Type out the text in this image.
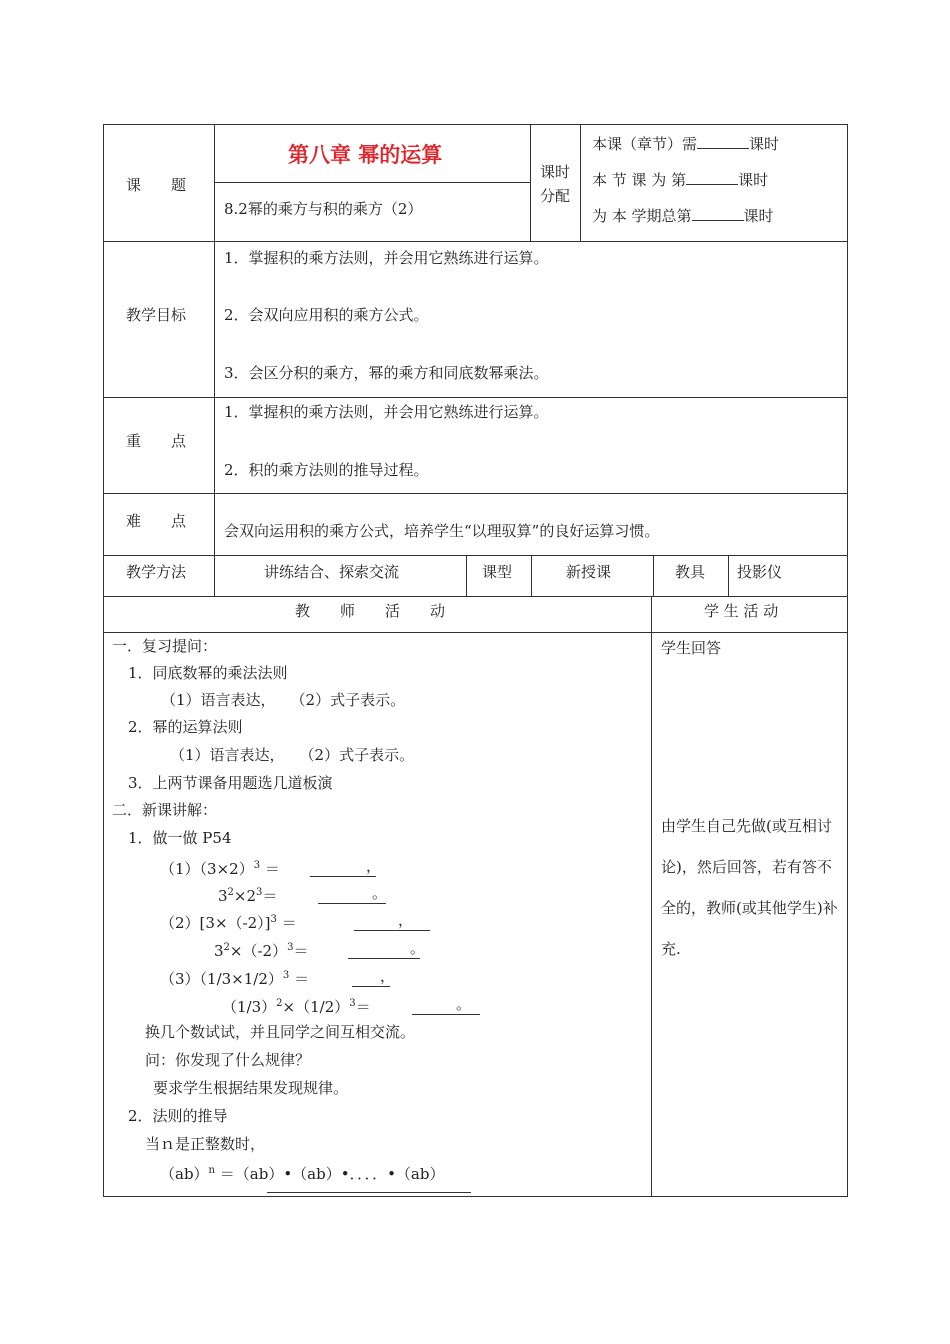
课　　题
第八章 幂的运算
8.2幂的乘方与积的乘方（2）
课时
分配
本课（章节）需	课时
本 节 课 为 第	课时
为 本 学期总第	课时
教学目标
1．掌握积的乘方法则，并会用它熟练进行运算。
2．会双向应用积的乘方公式。
3．会区分积的乘方，幂的乘方和同底数幂乘法。
重　　点
1．掌握积的乘方法则，并会用它熟练进行运算。
2．积的乘方法则的推导过程。
难　　点
会双向运用积的乘方公式，培养学生“以理驭算”的良好运算习惯。
教学方法	讲练结合、探索交流	课型	新授课	教具 投影仪
教　　师　　活　　动	学 生 活 动
一．复习提问：
1．同底数幂的乘法法则
（1）语言表达，　　（2）式子表示。
2．幂的运算法则
（1）语言表达，　　（2）式子表示。
3．上两节课备用题选几道板演
二．新课讲解：
1．做一做 P54
$(1)(3\times 2)^3$ ＝	，
$3^2\times 2^3=$	。
$(2)[3\times(-2)]^3$ ＝	，
$3^2\times(-2)^3=$	。
$(3)(1/3\times 1/2)^3$ ＝	，
$(1/3)^2\times(1/2)^3=$	。
换几个数试试，并且同学之间互相交流。
问：你发现了什么规律？
要求学生根据结果发现规律。
2．法则的推导
当ｎ是正整数时，
（ab）$^n$ ＝（ab）•（ab）•．．．．•（ab）
学生回答
由学生自己先做(或互相讨论)，然后回答，若有答不全的，教师(或其他学生)补充.
